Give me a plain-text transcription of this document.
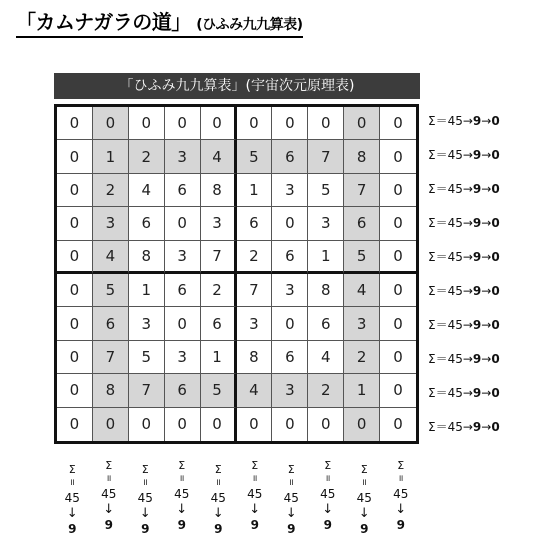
「カムナガラの道」 (ひふみ九九算表)
「ひふみ九九算表」(宇宙次元原理表)
0	0	0	0	0	0	0	0	0	0
0	1	2	3	4	5	6	7	8	0
0	2	4	6	8	1	3	5	7	0
0	3	6	0	3	6	0	3	6	0
0	4	8	3	7	2	6	1	5	0
0	5	1	6	2	7	3	8	4	0
0	6	3	0	6	3	0	6	3	0
0	7	5	3	1	8	6	4	2	0
0	8	7	6	5	4	3	2	1	0
0	0	0	0	0	0	0	0	0	0
Σ＝45→9→0
Σ＝45→9→0
Σ＝45→9→0
Σ＝45→9→0
Σ＝45→9→0
Σ＝45→9→0
Σ＝45→9→0
Σ＝45→9→0
Σ＝45→9→0
Σ＝45→9→0
Σ
॥
45
↓
9
Σ
॥
45
↓
9
Σ
॥
45
↓
9
Σ
॥
45
↓
9
Σ
॥
45
↓
9
Σ
॥
45
↓
9
Σ
॥
45
↓
9
Σ
॥
45
↓
9
Σ
॥
45
↓
9
Σ
॥
45
↓
9
